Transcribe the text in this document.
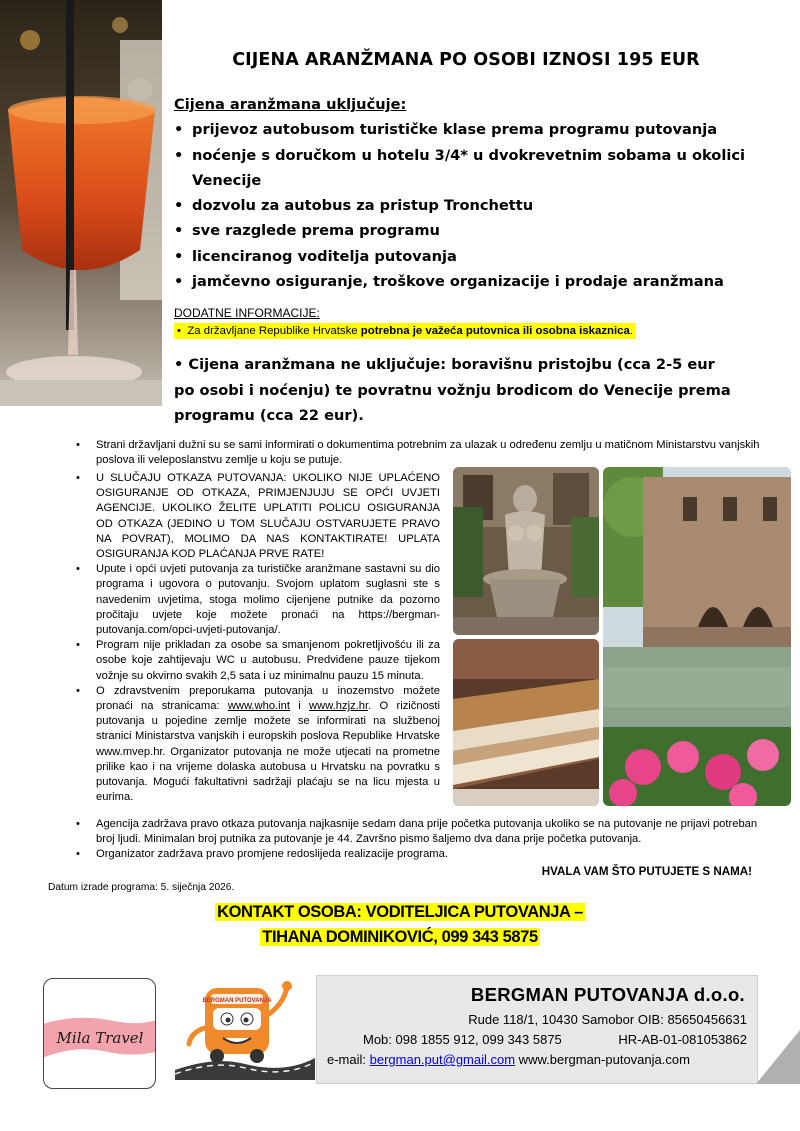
CIJENA ARANŽMANA PO OSOBI IZNOSI 195 EUR
Cijena aranžmana uključuje:
• prijevoz autobusom turističke klase prema programu putovanja
• noćenje s doručkom u hotelu 3/4* u dvokrevetnim sobama u okolici Venecije
• dozvolu za autobus za pristup Tronchettu
• sve razglede prema programu
• licenciranog voditelja putovanja
• jamčevno osiguranje, troškove organizacije i prodaje aranžmana
DODATNE INFORMACIJE:
•  Za državljane Republike Hrvatske potrebna je važeća putovnica ili osobna iskaznica.
• Cijena aranžmana ne uključuje: boravišnu pristojbu (cca 2-5 eur po osobi i noćenju) te povratnu vožnju brodicom do Venecije prema programu (cca 22 eur).
• Strani državljani dužni su se sami informirati o dokumentima potrebnim za ulazak u određenu zemlju u matičnom Ministarstvu vanjskih poslova ili veleposlanstvu zemlje u koju se putuje.
• U SLUČAJU OTKAZA PUTOVANJA: UKOLIKO NIJE UPLAĆENO OSIGURANJE OD OTKAZA, PRIMJENJUJU SE OPĆI UVJETI AGENCIJE. UKOLIKO ŽELITE UPLATITI POLICU OSIGURANJA OD OTKAZA (JEDINO U TOM SLUČAJU OSTVARUJETE PRAVO NA POVRAT), MOLIMO DA NAS KONTAKTIRATE! UPLATA OSIGURANJA KOD PLAĆANJA PRVE RATE!
• Upute i opći uvjeti putovanja za turističke aranžmane sastavni su dio programa i ugovora o putovanju. Svojom uplatom suglasni ste s navedenim uvjetima, stoga molimo cijenjene putnike da pozorno pročitaju uvjete koje možete pronaći na https://bergman-putovanja.com/opci-uvjeti-putovanja/.
• Program nije prikladan za osobe sa smanjenom pokretljivošću ili za osobe koje zahtijevaju WC u autobusu. Predviđene pauze tijekom vožnje su okvirno svakih 2,5 sata i uz minimalnu pauzu 15 minuta.
• O zdravstvenim preporukama putovanja u inozemstvo možete pronaći na stranicama: www.who.int i www.hzjz.hr. O rizičnosti putovanja u pojedine zemlje možete se informirati na službenoj stranici Ministarstva vanjskih i europskih poslova Republike Hrvatske www.mvep.hr. Organizator putovanja ne može utjecati na prometne prilike kao i na vrijeme dolaska autobusa u Hrvatsku na povratku s putovanja. Mogući fakultativni sadržaji plaćaju se na licu mjesta u eurima.
• Agencija zadržava pravo otkaza putovanja najkasnije sedam dana prije početka putovanja ukoliko se na putovanje ne prijavi potreban broj ljudi. Minimalan broj putnika za putovanje je 44. Završno pismo šaljemo dva dana prije početka putovanja.
• Organizator zadržava pravo promjene redoslijeda realizacije programa.
HVALA VAM ŠTO PUTUJETE S NAMA!
Datum izrade programa: 5. siječnja 2026.
KONTAKT OSOBA: VODITELJICA PUTOVANJA –
TIHANA DOMINIKOVIĆ, 099 343 5875
Mila Travel
BERGMAN PUTOVANJA	BERGMAN PUTOVANJA d.o.o.
Rude 118/1, 10430 Samobor OIB: 85650456631
Mob: 098 1855 912, 099 343 5875	HR-AB-01-081053862
e-mail: bergman.put@gmail.com www.bergman-putovanja.com
